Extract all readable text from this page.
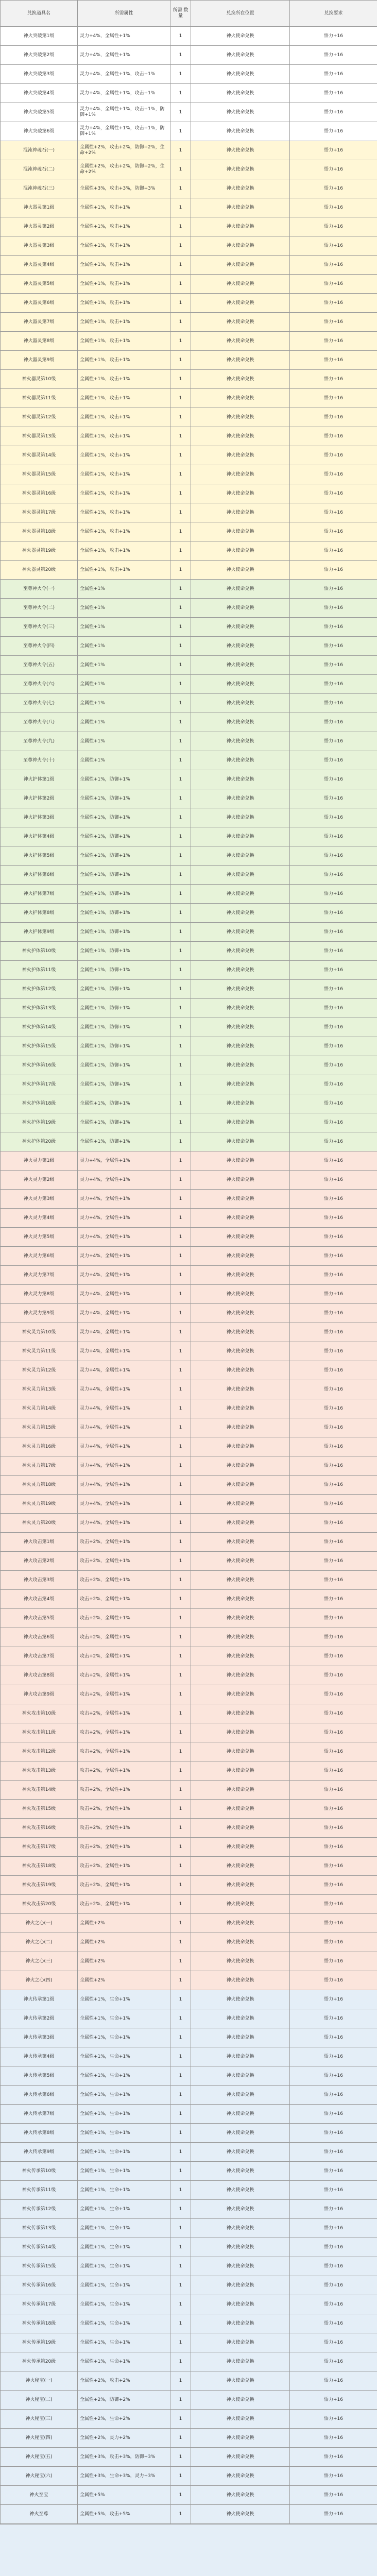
兑换道具名	所需属性	所需 数量	兑换所在位置	兑换要求
神火突破第1级	灵力+4%，全属性+1%	1	神火使命兑换	悟力+16
神火突破第2级	灵力+4%，全属性+1%	1	神火使命兑换	悟力+16
神火突破第3级	灵力+4%，全属性+1%，攻击+1%	1	神火使命兑换	悟力+16
神火突破第4级	灵力+4%，全属性+1%，攻击+1%	1	神火使命兑换	悟力+16
神火突破第5级	灵力+4%，全属性+1%，攻击+1%，防御+1%	1	神火使命兑换	悟力+16
神火突破第6级	灵力+4%，全属性+1%，攻击+1%，防御+1%	1	神火使命兑换	悟力+16
混沌神魂石(一)	全属性+2%，攻击+2%，防御+2%，生命+2%	1	神火使命兑换	悟力+16
混沌神魂石(二)	全属性+2%，攻击+2%，防御+2%，生命+2%	1	神火使命兑换	悟力+16
混沌神魂石(三)	全属性+3%，攻击+3%，防御+3%	1	神火使命兑换	悟力+16
神火器灵第1级	全属性+1%，攻击+1%	1	神火使命兑换	悟力+16
神火器灵第2级	全属性+1%，攻击+1%	1	神火使命兑换	悟力+16
神火器灵第3级	全属性+1%，攻击+1%	1	神火使命兑换	悟力+16
神火器灵第4级	全属性+1%，攻击+1%	1	神火使命兑换	悟力+16
神火器灵第5级	全属性+1%，攻击+1%	1	神火使命兑换	悟力+16
神火器灵第6级	全属性+1%，攻击+1%	1	神火使命兑换	悟力+16
神火器灵第7级	全属性+1%，攻击+1%	1	神火使命兑换	悟力+16
神火器灵第8级	全属性+1%，攻击+1%	1	神火使命兑换	悟力+16
神火器灵第9级	全属性+1%，攻击+1%	1	神火使命兑换	悟力+16
神火器灵第10级	全属性+1%，攻击+1%	1	神火使命兑换	悟力+16
神火器灵第11级	全属性+1%，攻击+1%	1	神火使命兑换	悟力+16
神火器灵第12级	全属性+1%，攻击+1%	1	神火使命兑换	悟力+16
神火器灵第13级	全属性+1%，攻击+1%	1	神火使命兑换	悟力+16
神火器灵第14级	全属性+1%，攻击+1%	1	神火使命兑换	悟力+16
神火器灵第15级	全属性+1%，攻击+1%	1	神火使命兑换	悟力+16
神火器灵第16级	全属性+1%，攻击+1%	1	神火使命兑换	悟力+16
神火器灵第17级	全属性+1%，攻击+1%	1	神火使命兑换	悟力+16
神火器灵第18级	全属性+1%，攻击+1%	1	神火使命兑换	悟力+16
神火器灵第19级	全属性+1%，攻击+1%	1	神火使命兑换	悟力+16
神火器灵第20级	全属性+1%，攻击+1%	1	神火使命兑换	悟力+16
至尊神火令(一)	全属性+1%	1	神火使命兑换	悟力+16
至尊神火令(二)	全属性+1%	1	神火使命兑换	悟力+16
至尊神火令(三)	全属性+1%	1	神火使命兑换	悟力+16
至尊神火令(四)	全属性+1%	1	神火使命兑换	悟力+16
至尊神火令(五)	全属性+1%	1	神火使命兑换	悟力+16
至尊神火令(六)	全属性+1%	1	神火使命兑换	悟力+16
至尊神火令(七)	全属性+1%	1	神火使命兑换	悟力+16
至尊神火令(八)	全属性+1%	1	神火使命兑换	悟力+16
至尊神火令(九)	全属性+1%	1	神火使命兑换	悟力+16
至尊神火令(十)	全属性+1%	1	神火使命兑换	悟力+16
神火护体第1级	全属性+1%，防御+1%	1	神火使命兑换	悟力+16
神火护体第2级	全属性+1%，防御+1%	1	神火使命兑换	悟力+16
神火护体第3级	全属性+1%，防御+1%	1	神火使命兑换	悟力+16
神火护体第4级	全属性+1%，防御+1%	1	神火使命兑换	悟力+16
神火护体第5级	全属性+1%，防御+1%	1	神火使命兑换	悟力+16
神火护体第6级	全属性+1%，防御+1%	1	神火使命兑换	悟力+16
神火护体第7级	全属性+1%，防御+1%	1	神火使命兑换	悟力+16
神火护体第8级	全属性+1%，防御+1%	1	神火使命兑换	悟力+16
神火护体第9级	全属性+1%，防御+1%	1	神火使命兑换	悟力+16
神火护体第10级	全属性+1%，防御+1%	1	神火使命兑换	悟力+16
神火护体第11级	全属性+1%，防御+1%	1	神火使命兑换	悟力+16
神火护体第12级	全属性+1%，防御+1%	1	神火使命兑换	悟力+16
神火护体第13级	全属性+1%，防御+1%	1	神火使命兑换	悟力+16
神火护体第14级	全属性+1%，防御+1%	1	神火使命兑换	悟力+16
神火护体第15级	全属性+1%，防御+1%	1	神火使命兑换	悟力+16
神火护体第16级	全属性+1%，防御+1%	1	神火使命兑换	悟力+16
神火护体第17级	全属性+1%，防御+1%	1	神火使命兑换	悟力+16
神火护体第18级	全属性+1%，防御+1%	1	神火使命兑换	悟力+16
神火护体第19级	全属性+1%，防御+1%	1	神火使命兑换	悟力+16
神火护体第20级	全属性+1%，防御+1%	1	神火使命兑换	悟力+16
神火灵力第1级	灵力+4%，全属性+1%	1	神火使命兑换	悟力+16
神火灵力第2级	灵力+4%，全属性+1%	1	神火使命兑换	悟力+16
神火灵力第3级	灵力+4%，全属性+1%	1	神火使命兑换	悟力+16
神火灵力第4级	灵力+4%，全属性+1%	1	神火使命兑换	悟力+16
神火灵力第5级	灵力+4%，全属性+1%	1	神火使命兑换	悟力+16
神火灵力第6级	灵力+4%，全属性+1%	1	神火使命兑换	悟力+16
神火灵力第7级	灵力+4%，全属性+1%	1	神火使命兑换	悟力+16
神火灵力第8级	灵力+4%，全属性+1%	1	神火使命兑换	悟力+16
神火灵力第9级	灵力+4%，全属性+1%	1	神火使命兑换	悟力+16
神火灵力第10级	灵力+4%，全属性+1%	1	神火使命兑换	悟力+16
神火灵力第11级	灵力+4%，全属性+1%	1	神火使命兑换	悟力+16
神火灵力第12级	灵力+4%，全属性+1%	1	神火使命兑换	悟力+16
神火灵力第13级	灵力+4%，全属性+1%	1	神火使命兑换	悟力+16
神火灵力第14级	灵力+4%，全属性+1%	1	神火使命兑换	悟力+16
神火灵力第15级	灵力+4%，全属性+1%	1	神火使命兑换	悟力+16
神火灵力第16级	灵力+4%，全属性+1%	1	神火使命兑换	悟力+16
神火灵力第17级	灵力+4%，全属性+1%	1	神火使命兑换	悟力+16
神火灵力第18级	灵力+4%，全属性+1%	1	神火使命兑换	悟力+16
神火灵力第19级	灵力+4%，全属性+1%	1	神火使命兑换	悟力+16
神火灵力第20级	灵力+4%，全属性+1%	1	神火使命兑换	悟力+16
神火攻击第1级	攻击+2%，全属性+1%	1	神火使命兑换	悟力+16
神火攻击第2级	攻击+2%，全属性+1%	1	神火使命兑换	悟力+16
神火攻击第3级	攻击+2%，全属性+1%	1	神火使命兑换	悟力+16
神火攻击第4级	攻击+2%，全属性+1%	1	神火使命兑换	悟力+16
神火攻击第5级	攻击+2%，全属性+1%	1	神火使命兑换	悟力+16
神火攻击第6级	攻击+2%，全属性+1%	1	神火使命兑换	悟力+16
神火攻击第7级	攻击+2%，全属性+1%	1	神火使命兑换	悟力+16
神火攻击第8级	攻击+2%，全属性+1%	1	神火使命兑换	悟力+16
神火攻击第9级	攻击+2%，全属性+1%	1	神火使命兑换	悟力+16
神火攻击第10级	攻击+2%，全属性+1%	1	神火使命兑换	悟力+16
神火攻击第11级	攻击+2%，全属性+1%	1	神火使命兑换	悟力+16
神火攻击第12级	攻击+2%，全属性+1%	1	神火使命兑换	悟力+16
神火攻击第13级	攻击+2%，全属性+1%	1	神火使命兑换	悟力+16
神火攻击第14级	攻击+2%，全属性+1%	1	神火使命兑换	悟力+16
神火攻击第15级	攻击+2%，全属性+1%	1	神火使命兑换	悟力+16
神火攻击第16级	攻击+2%，全属性+1%	1	神火使命兑换	悟力+16
神火攻击第17级	攻击+2%，全属性+1%	1	神火使命兑换	悟力+16
神火攻击第18级	攻击+2%，全属性+1%	1	神火使命兑换	悟力+16
神火攻击第19级	攻击+2%，全属性+1%	1	神火使命兑换	悟力+16
神火攻击第20级	攻击+2%，全属性+1%	1	神火使命兑换	悟力+16
神火之心(一)	全属性+2%	1	神火使命兑换	悟力+16
神火之心(二)	全属性+2%	1	神火使命兑换	悟力+16
神火之心(三)	全属性+2%	1	神火使命兑换	悟力+16
神火之心(四)	全属性+2%	1	神火使命兑换	悟力+16
神火传承第1级	全属性+1%，生命+1%	1	神火使命兑换	悟力+16
神火传承第2级	全属性+1%，生命+1%	1	神火使命兑换	悟力+16
神火传承第3级	全属性+1%，生命+1%	1	神火使命兑换	悟力+16
神火传承第4级	全属性+1%，生命+1%	1	神火使命兑换	悟力+16
神火传承第5级	全属性+1%，生命+1%	1	神火使命兑换	悟力+16
神火传承第6级	全属性+1%，生命+1%	1	神火使命兑换	悟力+16
神火传承第7级	全属性+1%，生命+1%	1	神火使命兑换	悟力+16
神火传承第8级	全属性+1%，生命+1%	1	神火使命兑换	悟力+16
神火传承第9级	全属性+1%，生命+1%	1	神火使命兑换	悟力+16
神火传承第10级	全属性+1%，生命+1%	1	神火使命兑换	悟力+16
神火传承第11级	全属性+1%，生命+1%	1	神火使命兑换	悟力+16
神火传承第12级	全属性+1%，生命+1%	1	神火使命兑换	悟力+16
神火传承第13级	全属性+1%，生命+1%	1	神火使命兑换	悟力+16
神火传承第14级	全属性+1%，生命+1%	1	神火使命兑换	悟力+16
神火传承第15级	全属性+1%，生命+1%	1	神火使命兑换	悟力+16
神火传承第16级	全属性+1%，生命+1%	1	神火使命兑换	悟力+16
神火传承第17级	全属性+1%，生命+1%	1	神火使命兑换	悟力+16
神火传承第18级	全属性+1%，生命+1%	1	神火使命兑换	悟力+16
神火传承第19级	全属性+1%，生命+1%	1	神火使命兑换	悟力+16
神火传承第20级	全属性+1%，生命+1%	1	神火使命兑换	悟力+16
神火秘宝(一)	全属性+2%，攻击+2%	1	神火使命兑换	悟力+16
神火秘宝(二)	全属性+2%，防御+2%	1	神火使命兑换	悟力+16
神火秘宝(三)	全属性+2%，生命+2%	1	神火使命兑换	悟力+16
神火秘宝(四)	全属性+2%，灵力+2%	1	神火使命兑换	悟力+16
神火秘宝(五)	全属性+3%，攻击+3%，防御+3%	1	神火使命兑换	悟力+16
神火秘宝(六)	全属性+3%，生命+3%，灵力+3%	1	神火使命兑换	悟力+16
神火至宝	全属性+5%	1	神火使命兑换	悟力+16
神火至尊	全属性+5%，攻击+5%	1	神火使命兑换	悟力+16
